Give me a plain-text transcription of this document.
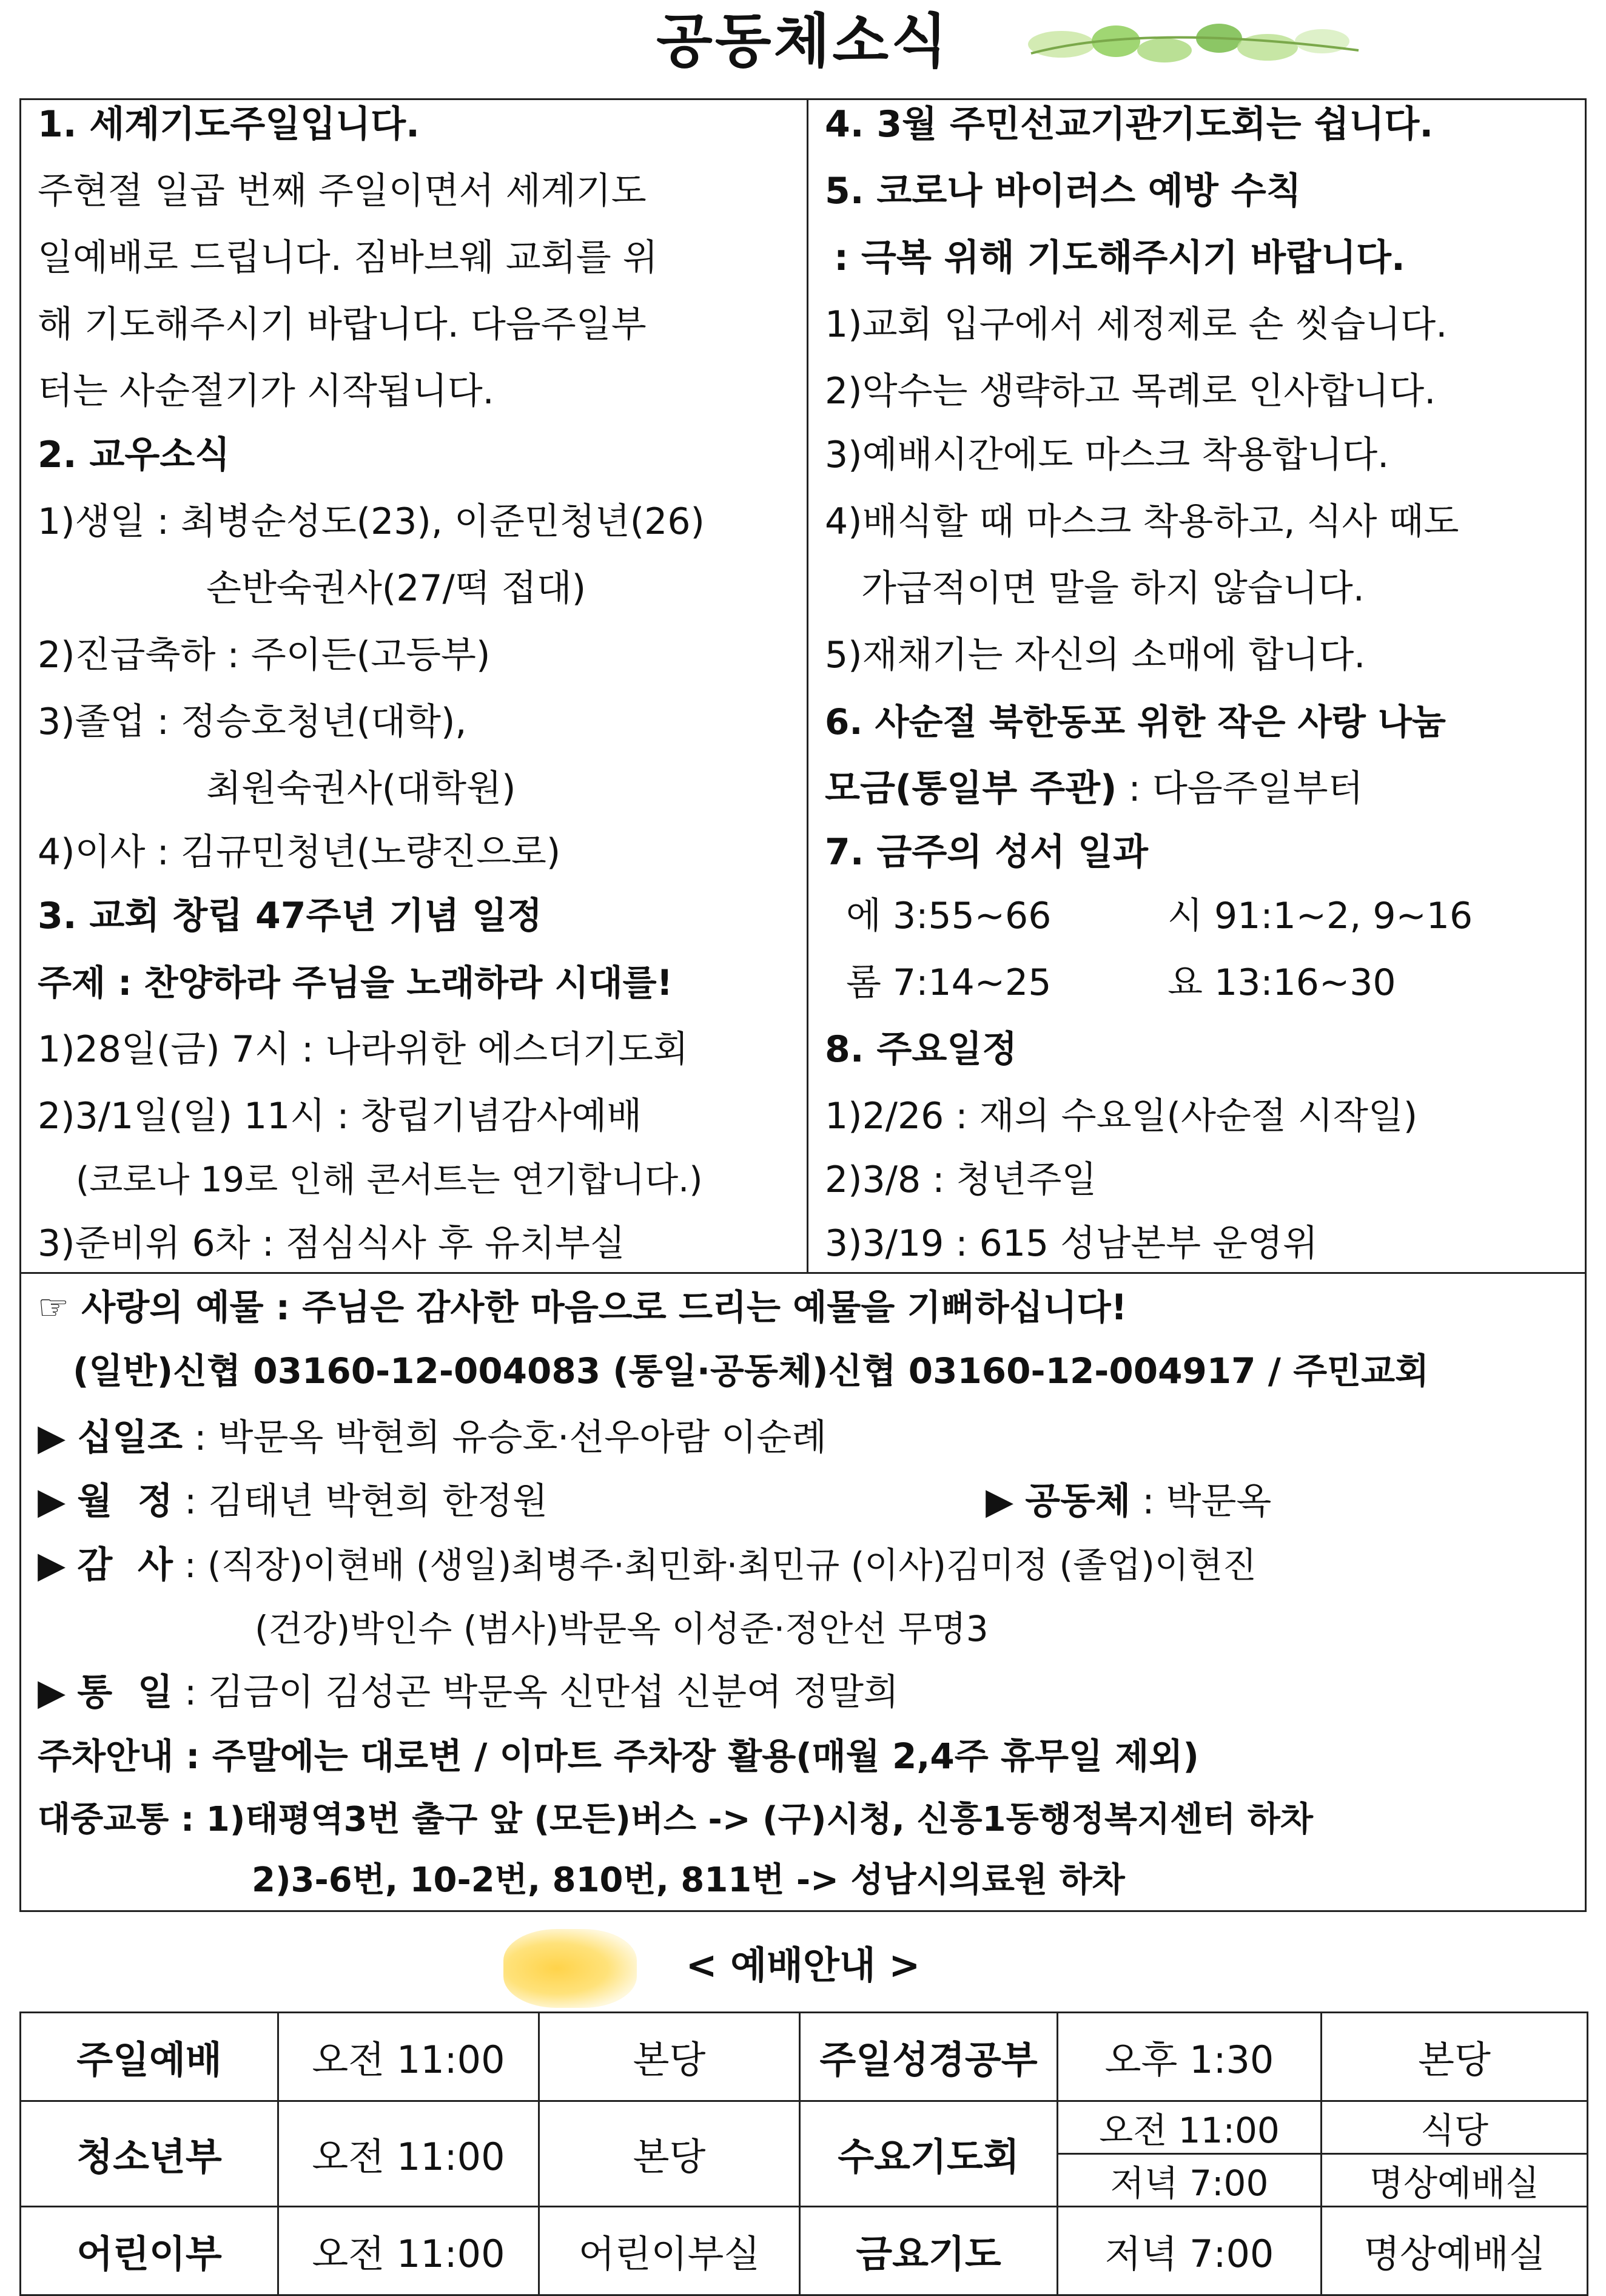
공동체소식
1. 세계기도주일입니다.
주현절 일곱 번째 주일이면서 세계기도
일예배로 드립니다. 짐바브웨 교회를 위
해 기도해주시기 바랍니다. 다음주일부
터는 사순절기가 시작됩니다.
2. 교우소식
1)생일 : 최병순성도(23), 이준민청년(26)
손반숙권사(27/떡 접대)
2)진급축하 : 주이든(고등부)
3)졸업 : 정승호청년(대학),
최원숙권사(대학원)
4)이사 : 김규민청년(노량진으로)
3. 교회 창립 47주년 기념 일정
주제 : 찬양하라 주님을 노래하라 시대를!
1)28일(금) 7시 : 나라위한 에스더기도회
2)3/1일(일) 11시 : 창립기념감사예배
(코로나 19로 인해 콘서트는 연기합니다.)
3)준비위 6차 : 점심식사 후 유치부실
4. 3월 주민선교기관기도회는 쉽니다.
5. 코로나 바이러스 예방 수칙
: 극복 위해 기도해주시기 바랍니다.
1)교회 입구에서 세정제로 손 씻습니다.
2)악수는 생략하고 목례로 인사합니다.
3)예배시간에도 마스크 착용합니다.
4)배식할 때 마스크 착용하고, 식사 때도
가급적이면 말을 하지 않습니다.
5)재채기는 자신의 소매에 합니다.
6. 사순절 북한동포 위한 작은 사랑 나눔
모금(통일부 주관) : 다음주일부터
7. 금주의 성서 일과
에 3:55~66	시 91:1~2, 9~16
롬 7:14~25	요 13:16~30
8. 주요일정
1)2/26 : 재의 수요일(사순절 시작일)
2)3/8 : 청년주일
3)3/19 : 615 성남본부 운영위
☞ 사랑의 예물 : 주님은 감사한 마음으로 드리는 예물을 기뻐하십니다!
(일반)신협 03160-12-004083 (통일·공동체)신협 03160-12-004917 / 주민교회
▶ 십일조 : 박문옥 박현희 유승호·선우아람 이순례
▶ 월  정 : 김태년 박현희 한정원	▶ 공동체 : 박문옥
▶ 감  사 : (직장)이현배 (생일)최병주·최민화·최민규 (이사)김미정 (졸업)이현진
(건강)박인수 (범사)박문옥 이성준·정안선 무명3
▶ 통  일 : 김금이 김성곤 박문옥 신만섭 신분여 정말희
주차안내 : 주말에는 대로변 / 이마트 주차장 활용(매월 2,4주 휴무일 제외)
대중교통 : 1)태평역3번 출구 앞 (모든)버스 -> (구)시청, 신흥1동행정복지센터 하차
2)3-6번, 10-2번, 810번, 811번 -> 성남시의료원 하차
< 예배안내 >
주일예배	오전 11:00	본당	주일성경공부	오후 1:30	본당
청소년부	오전 11:00	본당	수요기도회	오전 11:00	식당
				저녁 7:00	명상예배실
어린이부	오전 11:00	어린이부실	금요기도	저녁 7:00	명상예배실
